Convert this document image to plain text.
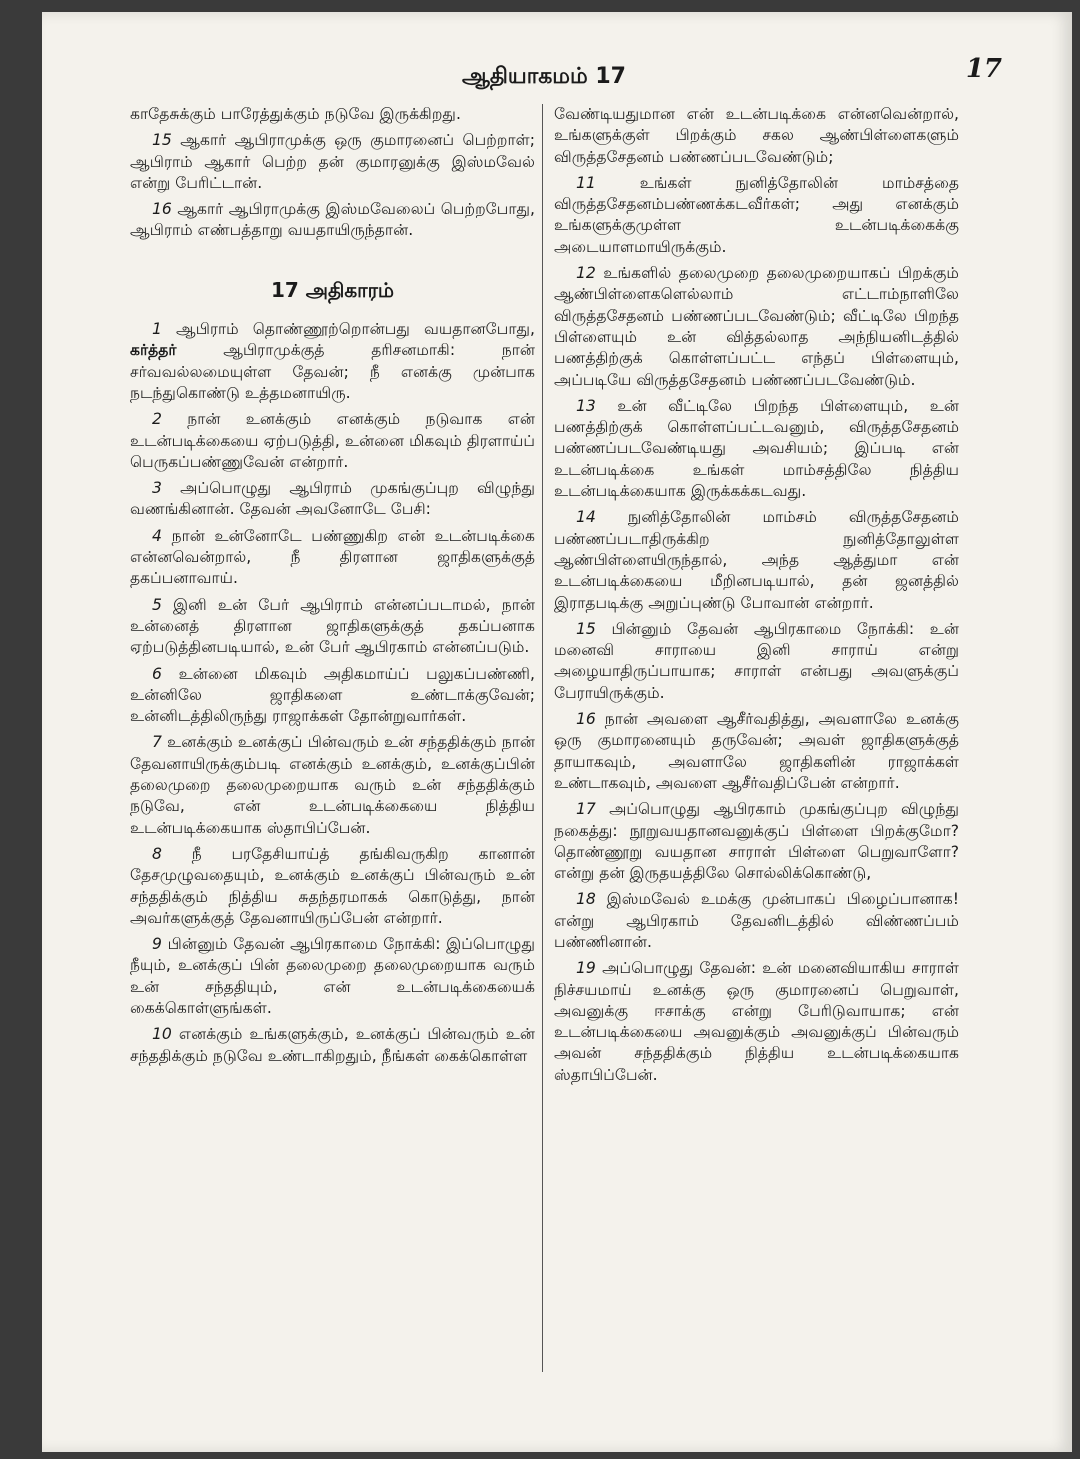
ஆதியாகமம் 17	17

காதேசுக்கும் பாரேத்துக்கும் நடுவே இருக்கிறது.

15 ஆகார் ஆபிராமுக்கு ஒரு குமாரனைப் பெற்றாள்; ஆபிராம் ஆகார் பெற்ற தன் குமாரனுக்கு இஸ்மவேல் என்று பேரிட்டான்.

16 ஆகார் ஆபிராமுக்கு இஸ்மவேலைப் பெற்றபோது, ஆபிராம் எண்பத்தாறு வயதாயிருந்தான்.

17 அதிகாரம்

1 ஆபிராம் தொண்ணூற்றொன்பது வயதானபோது, கர்த்தர்	ஆபிராமுக்குத் தரிசனமாகி: நான் சர்வவல்லமையுள்ள தேவன்; நீ எனக்கு முன்பாக நடந்துகொண்டு உத்தமனாயிரு.

2 நான் உனக்கும் எனக்கும் நடுவாக என் உடன்படிக்கையை ஏற்படுத்தி, உன்னை மிகவும் திரளாய்ப் பெருகப்பண்ணுவேன் என்றார்.

3 அப்பொழுது ஆபிராம் முகங்குப்புற விழுந்து வணங்கினான். தேவன் அவனோடே பேசி:

4 நான் உன்னோடே பண்ணுகிற என் உடன்படிக்கை என்னவென்றால், நீ திரளான ஜாதிகளுக்குத் தகப்பனாவாய்.

5 இனி உன் பேர் ஆபிராம் என்னப்படாமல், நான் உன்னைத் திரளான ஜாதிகளுக்குத் தகப்பனாக ஏற்படுத்தினபடியால், உன் பேர் ஆபிரகாம் என்னப்படும்.

6 உன்னை மிகவும் அதிகமாய்ப் பலுகப்பண்ணி, உன்னிலே ஜாதிகளை உண்டாக்குவேன்; உன்னிடத்திலிருந்து ராஜாக்கள் தோன்றுவார்கள்.

7 உனக்கும் உனக்குப் பின்வரும் உன் சந்ததிக்கும் நான் தேவனாயிருக்கும்படி எனக்கும் உனக்கும், உனக்குப்பின் தலைமுறை தலைமுறையாக வரும் உன் சந்ததிக்கும் நடுவே, என் உடன்படிக்கையை நித்திய உடன்படிக்கையாக ஸ்தாபிப்பேன்.

8 நீ பரதேசியாய்த் தங்கிவருகிற கானான் தேசமுழுவதையும், உனக்கும் உனக்குப் பின்வரும் உன் சந்ததிக்கும் நித்திய சுதந்தரமாகக் கொடுத்து, நான் அவர்களுக்குத் தேவனாயிருப்பேன் என்றார்.

9 பின்னும் தேவன் ஆபிரகாமை நோக்கி: இப்பொழுது நீயும், உனக்குப் பின் தலைமுறை தலைமுறையாக வரும் உன் சந்ததியும், என் உடன்படிக்கையைக் கைக்கொள்ளுங்கள்.

10 எனக்கும் உங்களுக்கும், உனக்குப் பின்வரும் உன் சந்ததிக்கும் நடுவே உண்டாகிறதும், நீங்கள் கைக்கொள்ள

வேண்டியதுமான என் உடன்படிக்கை என்னவென்றால், உங்களுக்குள் பிறக்கும் சகல ஆண்பிள்ளைகளும் விருத்தசேதனம் பண்ணப்படவேண்டும்;

11	உங்கள் நுனித்தோலின் மாம்சத்தை விருத்தசேதனம்பண்ணக்கடவீர்கள்; அது எனக்கும் உங்களுக்குமுள்ள உடன்படிக்கைக்கு அடையாளமாயிருக்கும்.

12 உங்களில் தலைமுறை தலைமுறையாகப் பிறக்கும் ஆண்பிள்ளைகளெல்லாம் எட்டாம்நாளிலே விருத்தசேதனம் பண்ணப்படவேண்டும்; வீட்டிலே பிறந்த பிள்ளையும் உன் வித்தல்லாத அந்நியனிடத்தில் பணத்திற்குக் கொள்ளப்பட்ட எந்தப் பிள்ளையும், அப்படியே விருத்தசேதனம் பண்ணப்படவேண்டும்.

13 உன் வீட்டிலே பிறந்த பிள்ளையும், உன் பணத்திற்குக் கொள்ளப்பட்டவனும், விருத்தசேதனம் பண்ணப்படவேண்டியது அவசியம்; இப்படி என் உடன்படிக்கை உங்கள் மாம்சத்திலே நித்திய உடன்படிக்கையாக இருக்கக்கடவது.

14 நுனித்தோலின் மாம்சம் விருத்தசேதனம் பண்ணப்படாதிருக்கிற நுனித்தோலுள்ள ஆண்பிள்ளையிருந்தால், அந்த ஆத்துமா என் உடன்படிக்கையை மீறினபடியால், தன் ஜனத்தில் இராதபடிக்கு அறுப்புண்டு போவான் என்றார்.

15 பின்னும் தேவன் ஆபிரகாமை நோக்கி: உன் மனைவி சாராயை இனி சாராய் என்று அழையாதிருப்பாயாக; சாராள் என்பது அவளுக்குப் பேராயிருக்கும்.

16 நான் அவளை ஆசீர்வதித்து, அவளாலே உனக்கு ஒரு குமாரனையும் தருவேன்; அவள் ஜாதிகளுக்குத் தாயாகவும், அவளாலே ஜாதிகளின் ராஜாக்கள் உண்டாகவும், அவளை ஆசீர்வதிப்பேன் என்றார்.

17 அப்பொழுது ஆபிரகாம் முகங்குப்புற விழுந்து நகைத்து: நூறுவயதானவனுக்குப் பிள்ளை பிறக்குமோ? தொண்ணூறு வயதான சாராள் பிள்ளை பெறுவாளோ? என்று தன் இருதயத்திலே சொல்லிக்கொண்டு,

18 இஸ்மவேல் உமக்கு முன்பாகப் பிழைப்பானாக! என்று ஆபிரகாம் தேவனிடத்தில் விண்ணப்பம் பண்ணினான்.

19 அப்பொழுது தேவன்: உன் மனைவியாகிய சாராள் நிச்சயமாய் உனக்கு ஒரு குமாரனைப் பெறுவாள், அவனுக்கு ஈசாக்கு என்று பேரிடுவாயாக; என் உடன்படிக்கையை அவனுக்கும் அவனுக்குப் பின்வரும் அவன் சந்ததிக்கும் நித்திய உடன்படிக்கையாக ஸ்தாபிப்பேன்.
